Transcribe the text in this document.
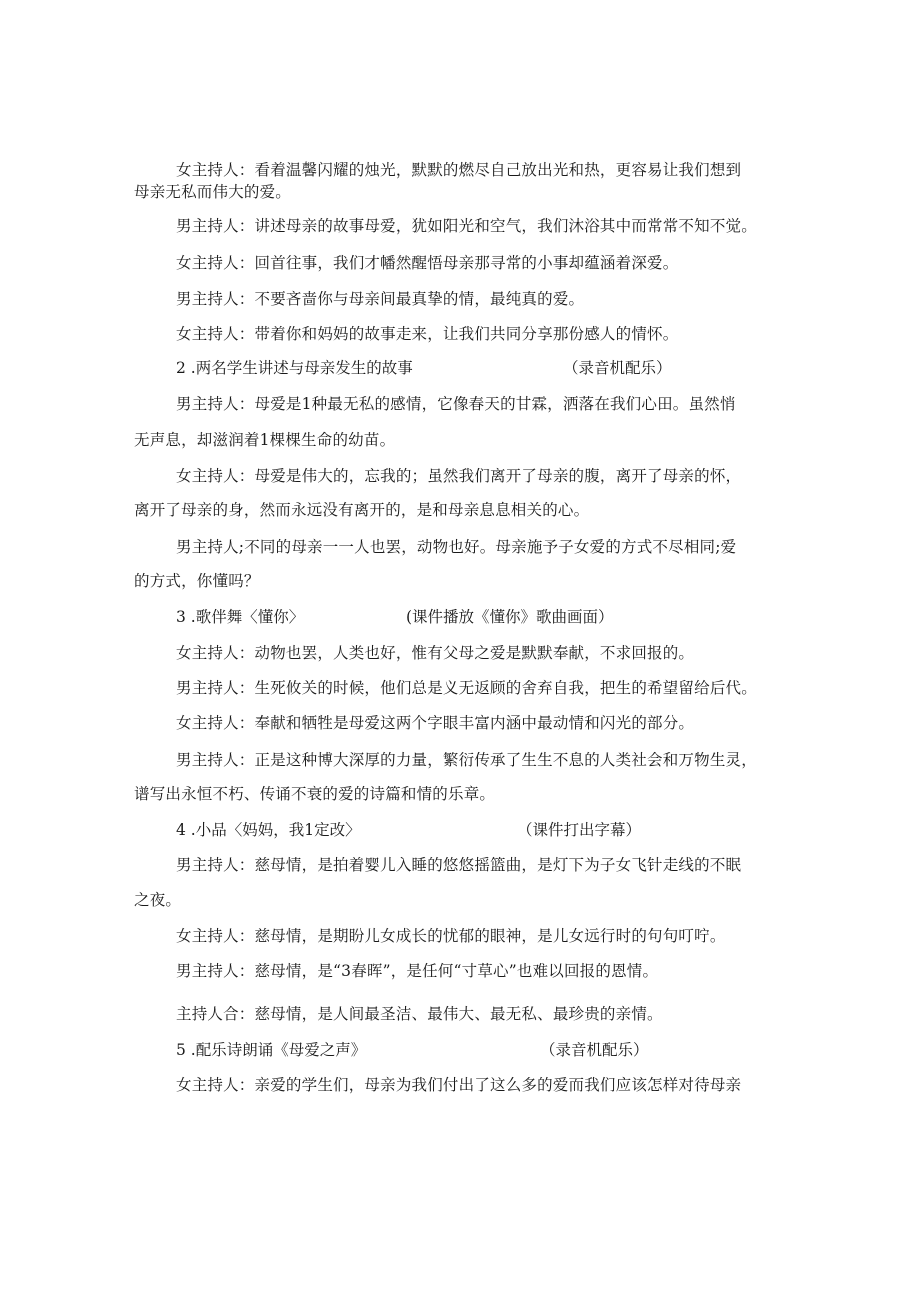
女主持人：看着温馨闪耀的烛光，默默的燃尽自己放出光和热，更容易让我们想到
母亲无私而伟大的爱。
男主持人：讲述母亲的故事母爱，犹如阳光和空气，我们沐浴其中而常常不知不觉。
女主持人：回首往事，我们才幡然醒悟母亲那寻常的小事却蕴涵着深爱。
男主持人：不要吝啬你与母亲间最真挚的情，最纯真的爱。
女主持人：带着你和妈妈的故事走来，让我们共同分享那份感人的情怀。
2 .两名学生讲述与母亲发生的故事	（录音机配乐）
男主持人：母爱是1种最无私的感情，它像春天的甘霖，洒落在我们心田。虽然悄
无声息，却滋润着1棵棵生命的幼苗。
女主持人：母爱是伟大的，忘我的；虽然我们离开了母亲的腹，离开了母亲的怀，
离开了母亲的身，然而永远没有离开的，是和母亲息息相关的心。
男主持人;不同的母亲一一人也罢，动物也好。母亲施予子女爱的方式不尽相同;爱
的方式，你懂吗？
3 .歌伴舞〈懂你〉	(课件播放《懂你》歌曲画面）
女主持人：动物也罢，人类也好，惟有父母之爱是默默奉献，不求回报的。
男主持人：生死攸关的时候，他们总是义无返顾的舍弃自我，把生的希望留给后代。
女主持人：奉献和牺牲是母爱这两个字眼丰富内涵中最动情和闪光的部分。
男主持人：正是这种博大深厚的力量，繁衍传承了生生不息的人类社会和万物生灵，
谱写出永恒不朽、传诵不衰的爱的诗篇和情的乐章。
4 .小品〈妈妈，我1定改〉	（课件打出字幕）
男主持人：慈母情，是拍着婴儿入睡的悠悠摇篮曲，是灯下为子女飞针走线的不眠
之夜。
女主持人：慈母情，是期盼儿女成长的忧郁的眼神，是儿女远行时的句句叮咛。
男主持人：慈母情，是“3春晖”，是任何“寸草心”也难以回报的恩情。
主持人合：慈母情，是人间最圣洁、最伟大、最无私、最珍贵的亲情。
5 .配乐诗朗诵《母爱之声》	（录音机配乐）
女主持人：亲爱的学生们，母亲为我们付出了这么多的爱而我们应该怎样对待母亲
